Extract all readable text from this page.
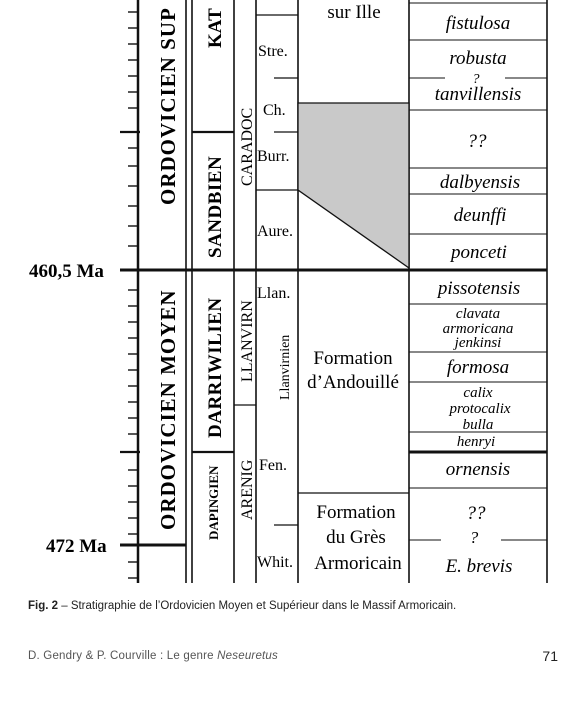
460,5 Ma
472 Ma
ORDOVICIEN SUP
ORDOVICIEN MOYEN
KAT
SANDBIEN
DARRIWILIEN
DAPINGIEN
CARADOC
LLANVIRN
ARENIG
Stre.
Ch.
Burr.
Aure.
Llan.
Llanvirnien
Fen.
Whit.
sur Ille
Formation
d’Andouillé
Formation
du Grès
Armoricain
fistulosa
robusta
?
tanvillensis
??
dalbyensis
deunffi
ponceti
pissotensis
clavata
armoricana
jenkinsi
formosa
calix
protocalix
bulla
henryi
ornensis
??
?
E. brevis
Fig. 2 – Stratigraphie de l’Ordovicien Moyen et Supérieur dans le Massif Armoricain.
D. Gendry & P. Courville : Le genre Neseuretus	71
